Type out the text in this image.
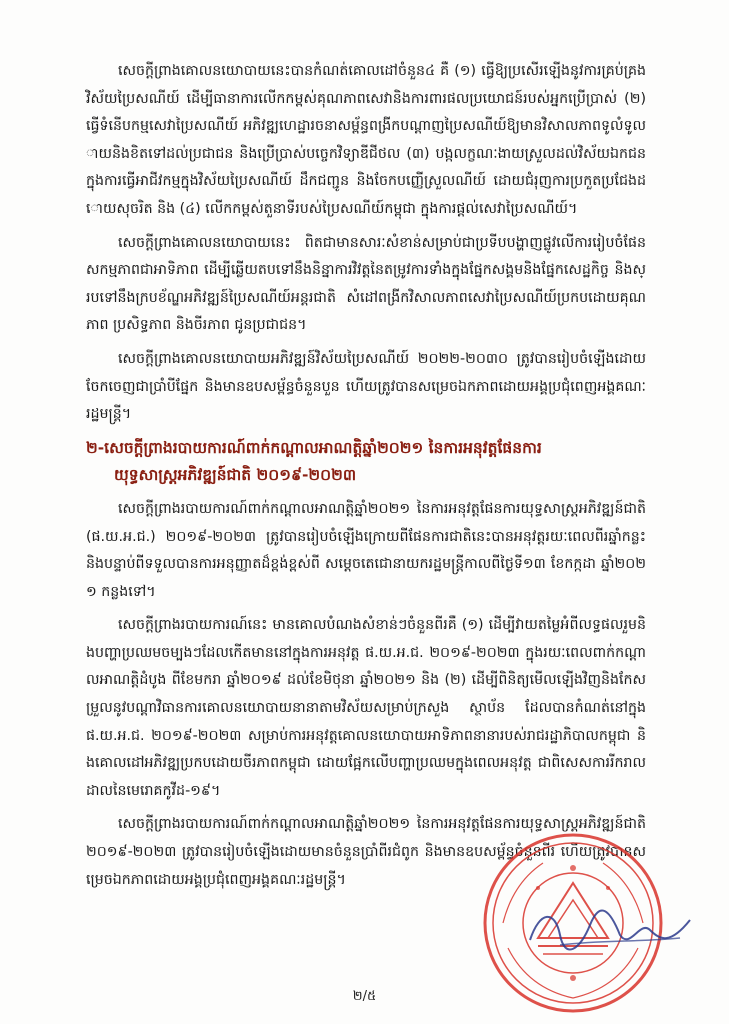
សេចក្តីព្រាងគោលនយោបាយនេះបានកំណត់គោលដៅចំនួន៤ គឺ (១) ធ្វើឱ្យប្រសើរឡើងនូវការគ្រប់គ្រងវិស័យប្រៃសណីយ៍ ដើម្បីធានាការលើកកម្ពស់គុណភាពសេវានិងការពារផលប្រយោជន៍របស់អ្នកប្រើប្រាស់ (២) ធ្វើទំនើបកម្មសេវាប្រៃសណីយ៍ អភិវឌ្ឍហេដ្ឋារចនាសម្ព័ន្ធពង្រីកបណ្តាញប្រៃសណីយ៍ឱ្យមានវិសាលភាពទូលំទូលាយនិងខិតទៅដល់ប្រជាជន និងប្រើប្រាស់បច្ចេកវិទ្យាឌីជីថល (៣) បង្កលក្ខណៈងាយស្រួលដល់វិស័យឯកជន ក្នុងការធ្វើអាជីវកម្មក្នុងវិស័យប្រៃសណីយ៍ ដឹកជញ្ជូន និងចែកបញ្ញើស្រួលណីយ៍ ដោយជំរុញការប្រកួតប្រជែងដោយសុចរិត និង (៤) លើកកម្ពស់តួនាទីរបស់ប្រៃសណីយ៍កម្ពុជា ក្នុងការផ្តល់សេវាប្រៃសណីយ៍។

សេចក្តីព្រាងគោលនយោបាយនេះ ពិតជាមានសារៈសំខាន់សម្រាប់ជាប្រទីបបង្ហាញផ្លូវលើការរៀបចំផែនសកម្មភាពជាអាទិភាព ដើម្បីឆ្លើយតបទៅនឹងនិន្នាការវិវត្តនៃតម្រូវការទាំងក្នុងផ្នែកសង្គមនិងផ្នែកសេដ្ឋកិច្ច និងស្របទៅនឹងក្របខ័ណ្ឌអភិវឌ្ឍន៍ប្រៃសណីយ៍អន្តរជាតិ សំដៅពង្រីកវិសាលភាពសេវាប្រៃសណីយ៍ប្រកបដោយគុណភាព ប្រសិទ្ធភាព និងចីរភាព ជូនប្រជាជន។

សេចក្តីព្រាងគោលនយោបាយអភិវឌ្ឍន៍វិស័យប្រៃសណីយ៍ ២០២២-២០៣០ ត្រូវបានរៀបចំឡើងដោយចែកចេញជាប្រាំបីផ្នែក និងមានឧបសម្ព័ន្ធចំនួនបួន ហើយត្រូវបានសម្រេចឯកភាពដោយអង្គប្រជុំពេញអង្គគណៈរដ្ឋមន្ត្រី។

២-សេចក្តីព្រាងរបាយការណ៍ពាក់កណ្តាលអាណត្តិឆ្នាំ២០២១ នៃការអនុវត្តផែនការ
យុទ្ធសាស្ត្រអភិវឌ្ឍន៍ជាតិ ២០១៩-២០២៣

សេចក្តីព្រាងរបាយការណ៍ពាក់កណ្តាលអាណត្តិឆ្នាំ២០២១ នៃការអនុវត្តផែនការយុទ្ធសាស្ត្រអភិវឌ្ឍន៍ជាតិ (ផ.យ.អ.ជ.) ២០១៩-២០២៣ ត្រូវបានរៀបចំឡើងក្រោយពីផែនការជាតិនេះបានអនុវត្តរយៈពេលពីរឆ្នាំកន្លះ និងបន្ទាប់ពីទទួលបានការអនុញ្ញាតដ៏ខ្ពង់ខ្ពស់ពី សម្តេចតេជោនាយករដ្ឋមន្ត្រីកាលពីថ្ងៃទី១៣ ខែកក្កដា ឆ្នាំ២០២១ កន្លងទៅ។

សេចក្តីព្រាងរបាយការណ៍នេះ មានគោលបំណងសំខាន់ៗចំនួនពីរគឺ (១) ដើម្បីវាយតម្លៃអំពីលទ្ធផលរួមនិងបញ្ហាប្រឈមចម្បងៗដែលកើតមាននៅក្នុងការអនុវត្ត ផ.យ.អ.ជ. ២០១៩-២០២៣ ក្នុងរយៈពេលពាក់កណ្តាលអាណត្តិដំបូង ពីខែមករា ឆ្នាំ២០១៩ ដល់ខែមិថុនា ឆ្នាំ២០២១ និង (២) ដើម្បីពិនិត្យមើលឡើងវិញនិងកែសម្រួលនូវបណ្តាវិធានការគោលនយោបាយនានាតាមវិស័យសម្រាប់ក្រសួង ស្ថាប័ន ដែលបានកំណត់នៅក្នុង ផ.យ.អ.ជ. ២០១៩-២០២៣ សម្រាប់ការអនុវត្តគោលនយោបាយអាទិភាពនានារបស់រាជរដ្ឋាភិបាលកម្ពុជា និងគោលដៅអភិវឌ្ឍប្រកបដោយចីរភាពកម្ពុជា ដោយផ្អែកលើបញ្ហាប្រឈមក្នុងពេលអនុវត្ត ជាពិសេសការរីករាលដាលនៃមេរោគកូវីដ-១៩។

សេចក្តីព្រាងរបាយការណ៍ពាក់កណ្តាលអាណត្តិឆ្នាំ២០២១ នៃការអនុវត្តផែនការយុទ្ធសាស្ត្រអភិវឌ្ឍន៍ជាតិ ២០១៩-២០២៣ ត្រូវបានរៀបចំឡើងដោយមានចំនួនប្រាំពីរជំពូក និងមានឧបសម្ព័ន្ធចំនួនពីរ ហើយត្រូវបានសម្រេចឯកភាពដោយអង្គប្រជុំពេញអង្គគណៈរដ្ឋមន្ត្រី។

២/៥
